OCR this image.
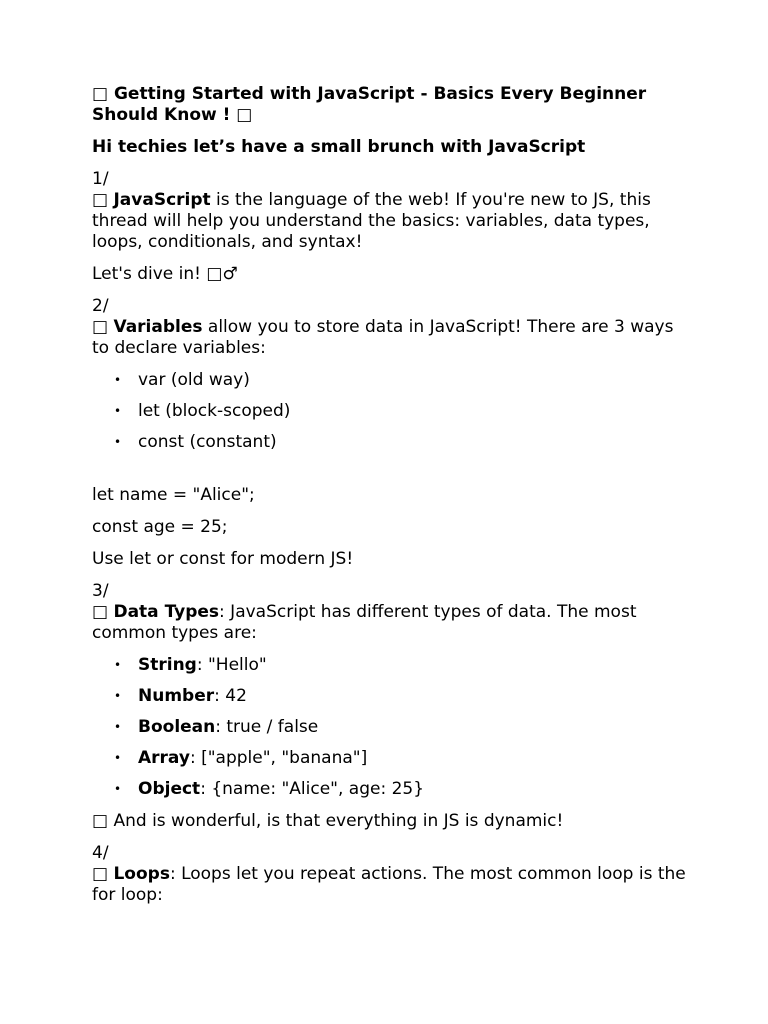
□ Getting Started with JavaScript - Basics Every Beginner Should Know ! □
Hi techies let’s have a small brunch with JavaScript

1/
□ JavaScript is the language of the web! If you're new to JS, this thread will help you understand the basics: variables, data types, loops, conditionals, and syntax!

Let's dive in! □♂

2/
□ Variables allow you to store data in JavaScript! There are 3 ways to declare variables:

• var (old way)
• let (block-scoped)
• const (constant)

let name = "Alice";

const age = 25;

Use let or const for modern JS!

3/
□ Data Types: JavaScript has different types of data. The most common types are:

• String: "Hello"
• Number: 42
• Boolean: true / false
• Array: ["apple", "banana"]
• Object: {name: "Alice", age: 25}

□ And is wonderful, is that everything in JS is dynamic!

4/
□ Loops: Loops let you repeat actions. The most common loop is the for loop:
